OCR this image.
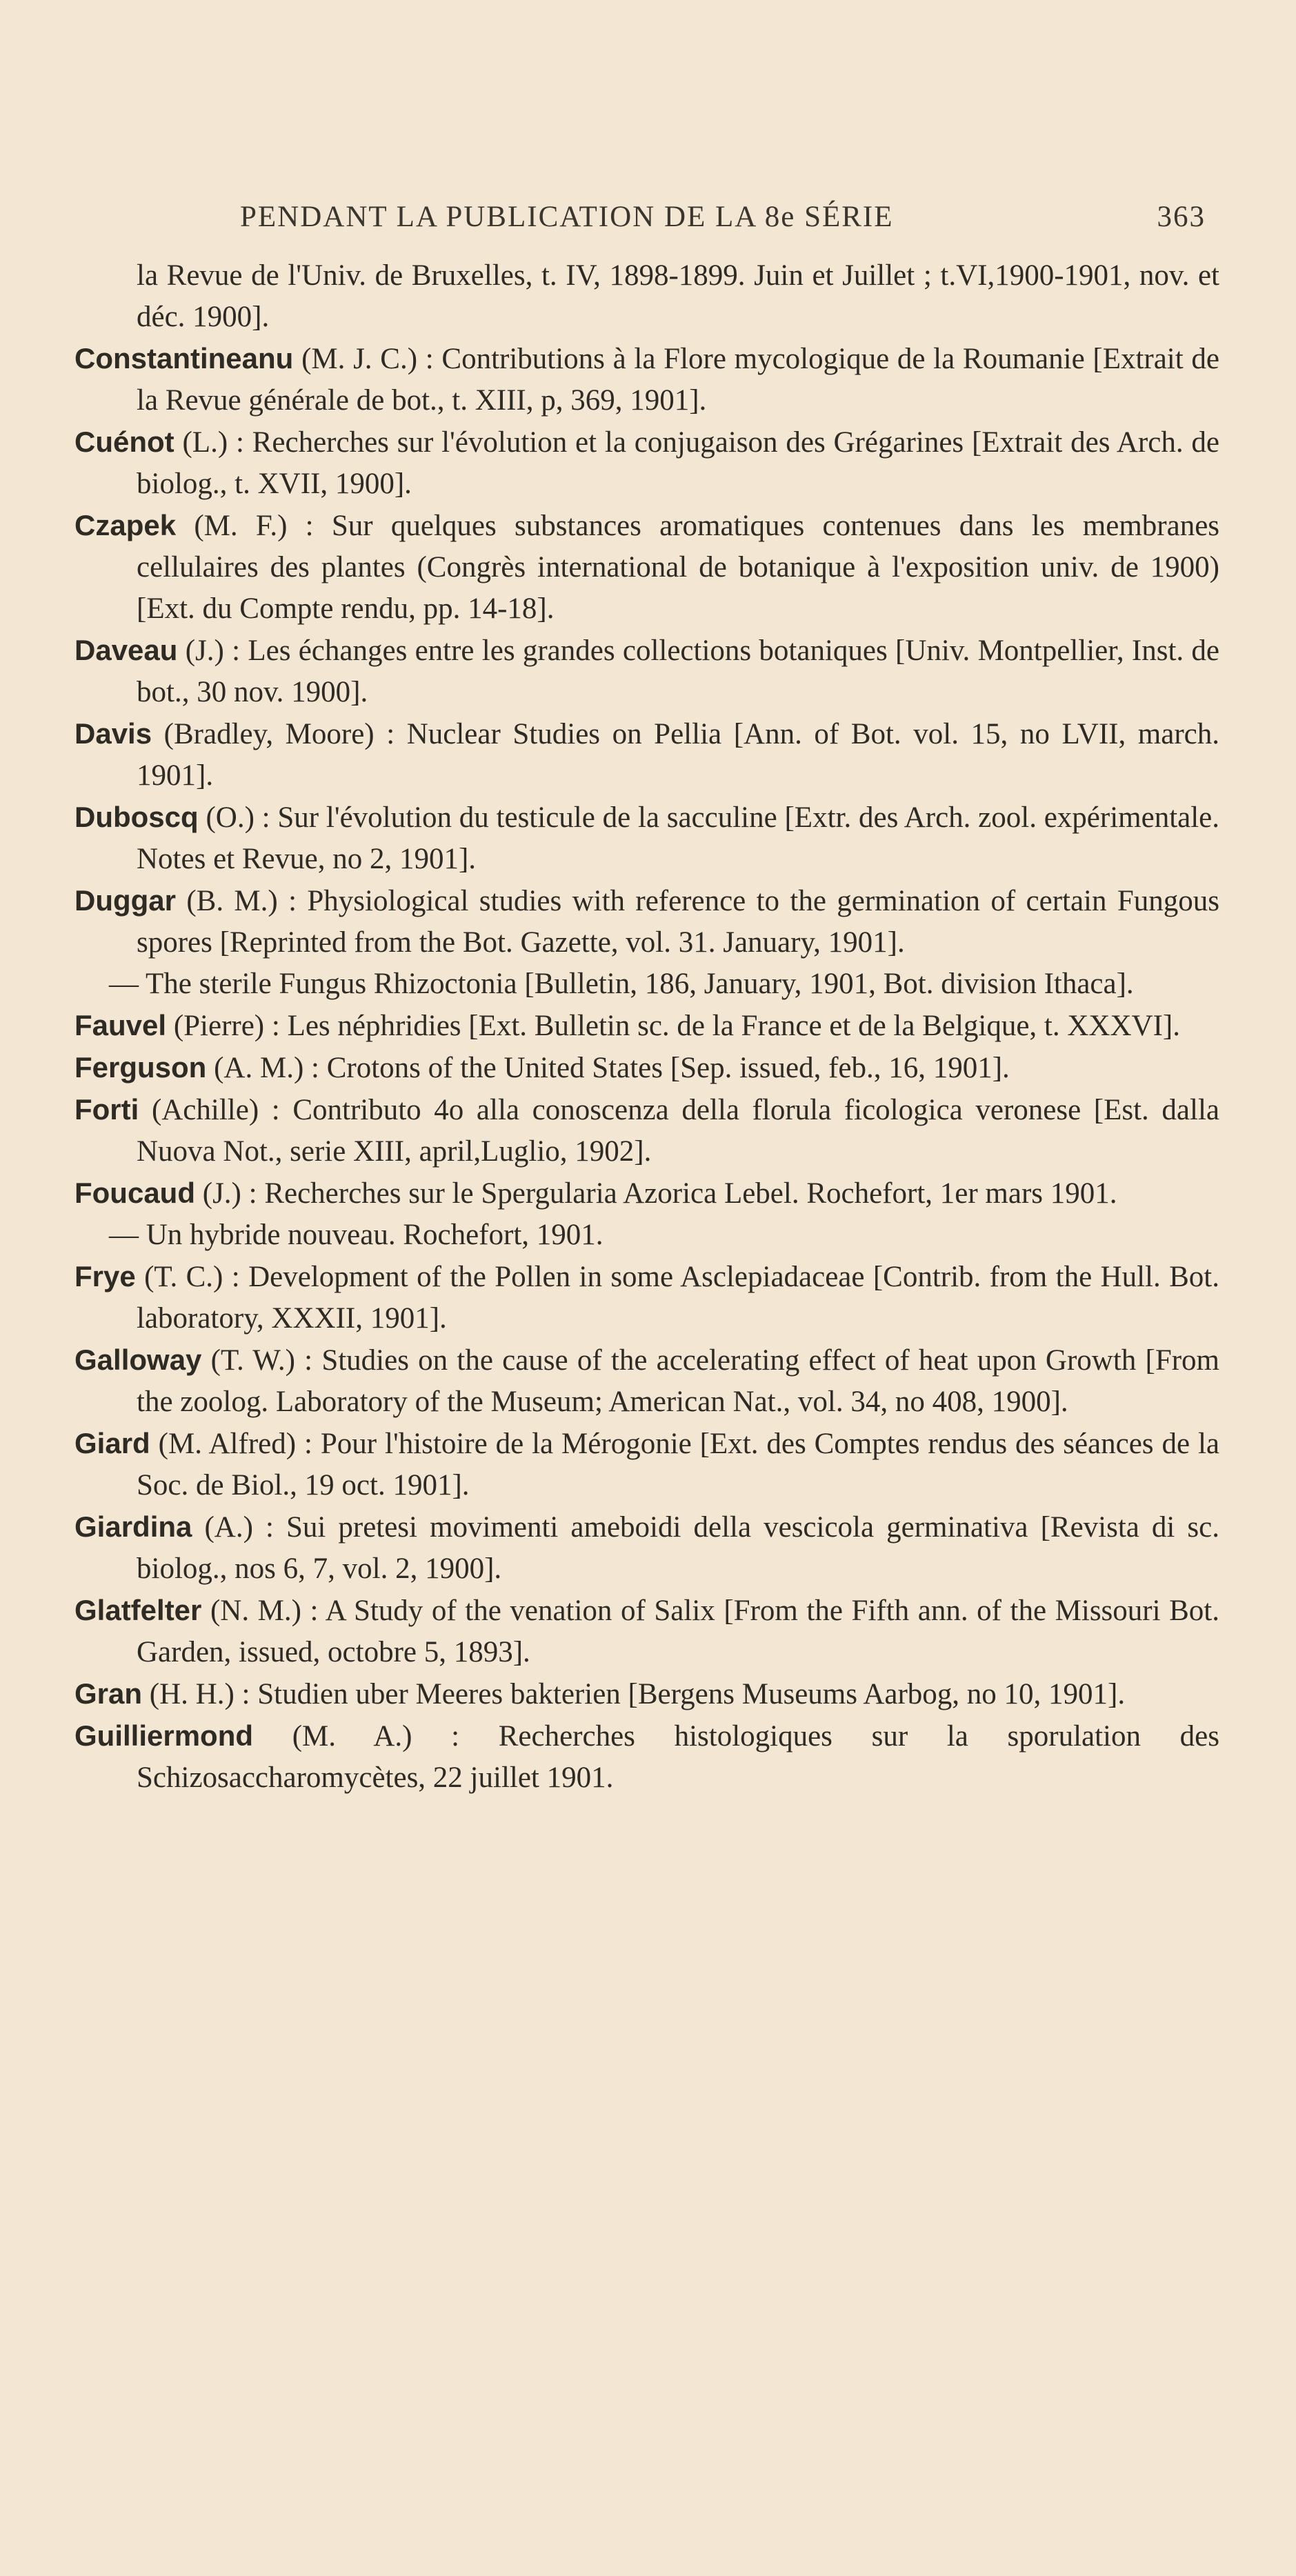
PENDANT LA PUBLICATION DE LA 8e SÉRIE	363

la Revue de l'Univ. de Bruxelles, t. IV, 1898-1899. Juin et Juillet ; t.VI,1900-1901, nov. et déc. 1900].

Constantineanu (M. J. C.) : Contributions à la Flore mycologique de la Roumanie [Extrait de la Revue générale de bot., t. XIII, p, 369, 1901].

Cuénot (L.) : Recherches sur l'évolution et la conjugaison des Grégarines [Extrait des Arch. de biolog., t. XVII, 1900].

Czapek (M. F.) : Sur quelques substances aromatiques contenues dans les membranes cellulaires des plantes (Congrès international de botanique à l'exposition univ. de 1900) [Ext. du Compte rendu, pp. 14-18].

Daveau (J.) : Les échanges entre les grandes collections botaniques [Univ. Montpellier, Inst. de bot., 30 nov. 1900].

Davis (Bradley, Moore) : Nuclear Studies on Pellia [Ann. of Bot. vol. 15, no LVII, march. 1901].

Duboscq (O.) : Sur l'évolution du testicule de la sacculine [Extr. des Arch. zool. expérimentale. Notes et Revue, no 2, 1901].

Duggar (B. M.) : Physiological studies with reference to the germination of certain Fungous spores [Reprinted from the Bot. Gazette, vol. 31. January, 1901].

— The sterile Fungus Rhizoctonia [Bulletin, 186, January, 1901, Bot. division Ithaca].

Fauvel (Pierre) : Les néphridies [Ext. Bulletin sc. de la France et de la Belgique, t. XXXVI].

Ferguson (A. M.) : Crotons of the United States [Sep. issued, feb., 16, 1901].

Forti (Achille) : Contributo 4o alla conoscenza della florula ficologica veronese [Est. dalla Nuova Not., serie XIII, april,Luglio, 1902].

Foucaud (J.) : Recherches sur le Spergularia Azorica Lebel. Rochefort, 1er mars 1901.

— Un hybride nouveau. Rochefort, 1901.

Frye (T. C.) : Development of the Pollen in some Asclepiadaceae [Contrib. from the Hull. Bot. laboratory, XXXII, 1901].

Galloway (T. W.) : Studies on the cause of the accelerating effect of heat upon Growth [From the zoolog. Laboratory of the Museum; American Nat., vol. 34, no 408, 1900].

Giard (M. Alfred) : Pour l'histoire de la Mérogonie [Ext. des Comptes rendus des séances de la Soc. de Biol., 19 oct. 1901].

Giardina (A.) : Sui pretesi movimenti ameboidi della vescicola germinativa [Revista di sc. biolog., nos 6, 7, vol. 2, 1900].

Glatfelter (N. M.) : A Study of the venation of Salix [From the Fifth ann. of the Missouri Bot. Garden, issued, octobre 5, 1893].

Gran (H. H.) : Studien uber Meeres bakterien [Bergens Museums Aarbog, no 10, 1901].

Guilliermond (M. A.) : Recherches histologiques sur la sporulation des Schizosaccharomycètes, 22 juillet 1901.
